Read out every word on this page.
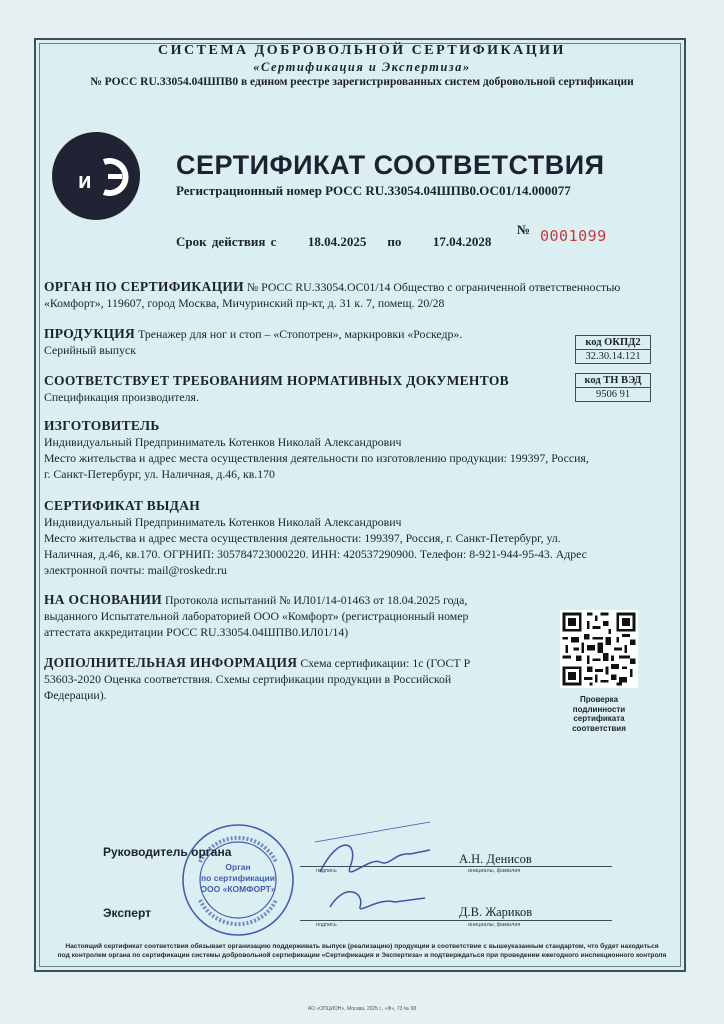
СИСТЕМА ДОБРОВОЛЬНОЙ СЕРТИФИКАЦИИ
«Сертификация и Экспертиза»
№ РОСС RU.З3054.04ШПВ0 в едином реестре зарегистрированных систем добровольной сертификации
и
СЕРТИФИКАТ СООТВЕТСТВИЯ
Регистрационный номер РОСС RU.З3054.04ШПВ0.ОС01/14.000077
Срок действия с 18.04.2025 по 17.04.2028
№ 0001099
ОРГАН ПО СЕРТИФИКАЦИИ № РОСС RU.З3054.ОС01/14 Общество с ограниченной ответственностью «Комфорт», 119607, город Москва, Мичуринский пр-кт, д. 31 к. 7, помещ. 20/28
ПРОДУКЦИЯ Тренажер для ног и стоп – «Стопотрен», маркировки «Роскедр».
Серийный выпуск
код ОКПД2
32.30.14.121
СООТВЕТСТВУЕТ ТРЕБОВАНИЯМ НОРМАТИВНЫХ ДОКУМЕНТОВ
Спецификация производителя.
код ТН ВЭД
9506 91
ИЗГОТОВИТЕЛЬ
Индивидуальный Предприниматель Котенков Николай Александрович
Место жительства и адрес места осуществления деятельности по изготовлению продукции: 199397, Россия,
г. Санкт-Петербург, ул. Наличная, д.46, кв.170
СЕРТИФИКАТ ВЫДАН
Индивидуальный Предприниматель Котенков Николай Александрович
Место жительства и адрес места осуществления деятельности: 199397, Россия, г. Санкт-Петербург, ул.
Наличная, д.46, кв.170. ОГРНИП: 305784723000220. ИНН: 420537290900. Телефон: 8-921-944-95-43. Адрес
электронной почты: mail@roskedr.ru
НА ОСНОВАНИИ Протокола испытаний № ИЛ01/14-01463 от 18.04.2025 года,
выданного Испытательной лабораторией ООО «Комфорт» (регистрационный номер
аттестата аккредитации РОСС RU.З3054.04ШПВ0.ИЛ01/14)
ДОПОЛНИТЕЛЬНАЯ ИНФОРМАЦИЯ Схема сертификации: 1с (ГОСТ Р
53603-2020 Оценка соответствия. Схемы сертификации продукции в Российской
Федерации).	Проверка
подлинности
сертификата
соответствия
Орган
по сертификации
ООО «КОМФОРТ»
Руководитель органа
подпись
А.Н. Денисов
инициалы, фамилия
Эксперт
подпись
Д.В. Жариков
инициалы, фамилия
Настоящий сертификат соответствия обязывает организацию поддерживать выпуск (реализацию) продукции в соответствие с вышеуказанным стандартом, что будет находиться
под контролем органа по сертификации системы добровольной сертификации «Сертификация и Экспертиза» и подтверждаться при проведении ежегодного инспекционного контроля
АО «ОПЦИОН», Москва, 2025 г., «Ф», 73 № 68
